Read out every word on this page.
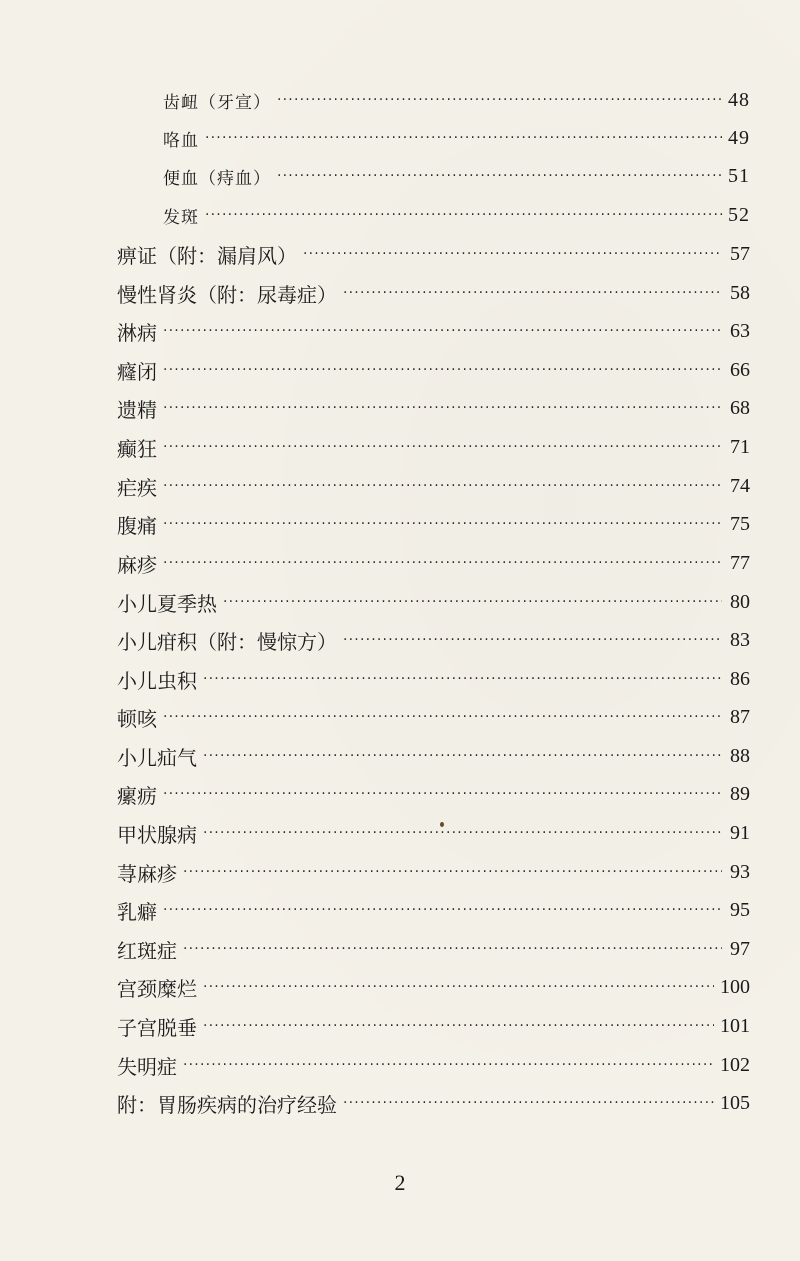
齿衄（牙宣） ·····	48
咯血 ·····	49
便血（痔血） ·····	51
发斑 ·····	52
痹证（附：漏肩风） ·····	57
慢性肾炎（附：尿毒症） ·····	58
淋病 ·····	63
癃闭 ·····	66
遗精 ·····	68
癫狂 ·····	71
疟疾 ·····	74
腹痛 ·····	75
麻疹 ·····	77
小儿夏季热 ·····	80
小儿疳积（附：慢惊方） ·····	83
小儿虫积 ·····	86
顿咳 ·····	87
小儿疝气 ·····	88
瘰疬 ·····	89
甲状腺病 ·····	91
荨麻疹 ·····	93
乳癖 ·····	95
红斑症 ·····	97
宫颈糜烂 ·····	100
子宫脱垂 ·····	101
失明症 ·····	102
附：胃肠疾病的治疗经验 ·····	105
2
